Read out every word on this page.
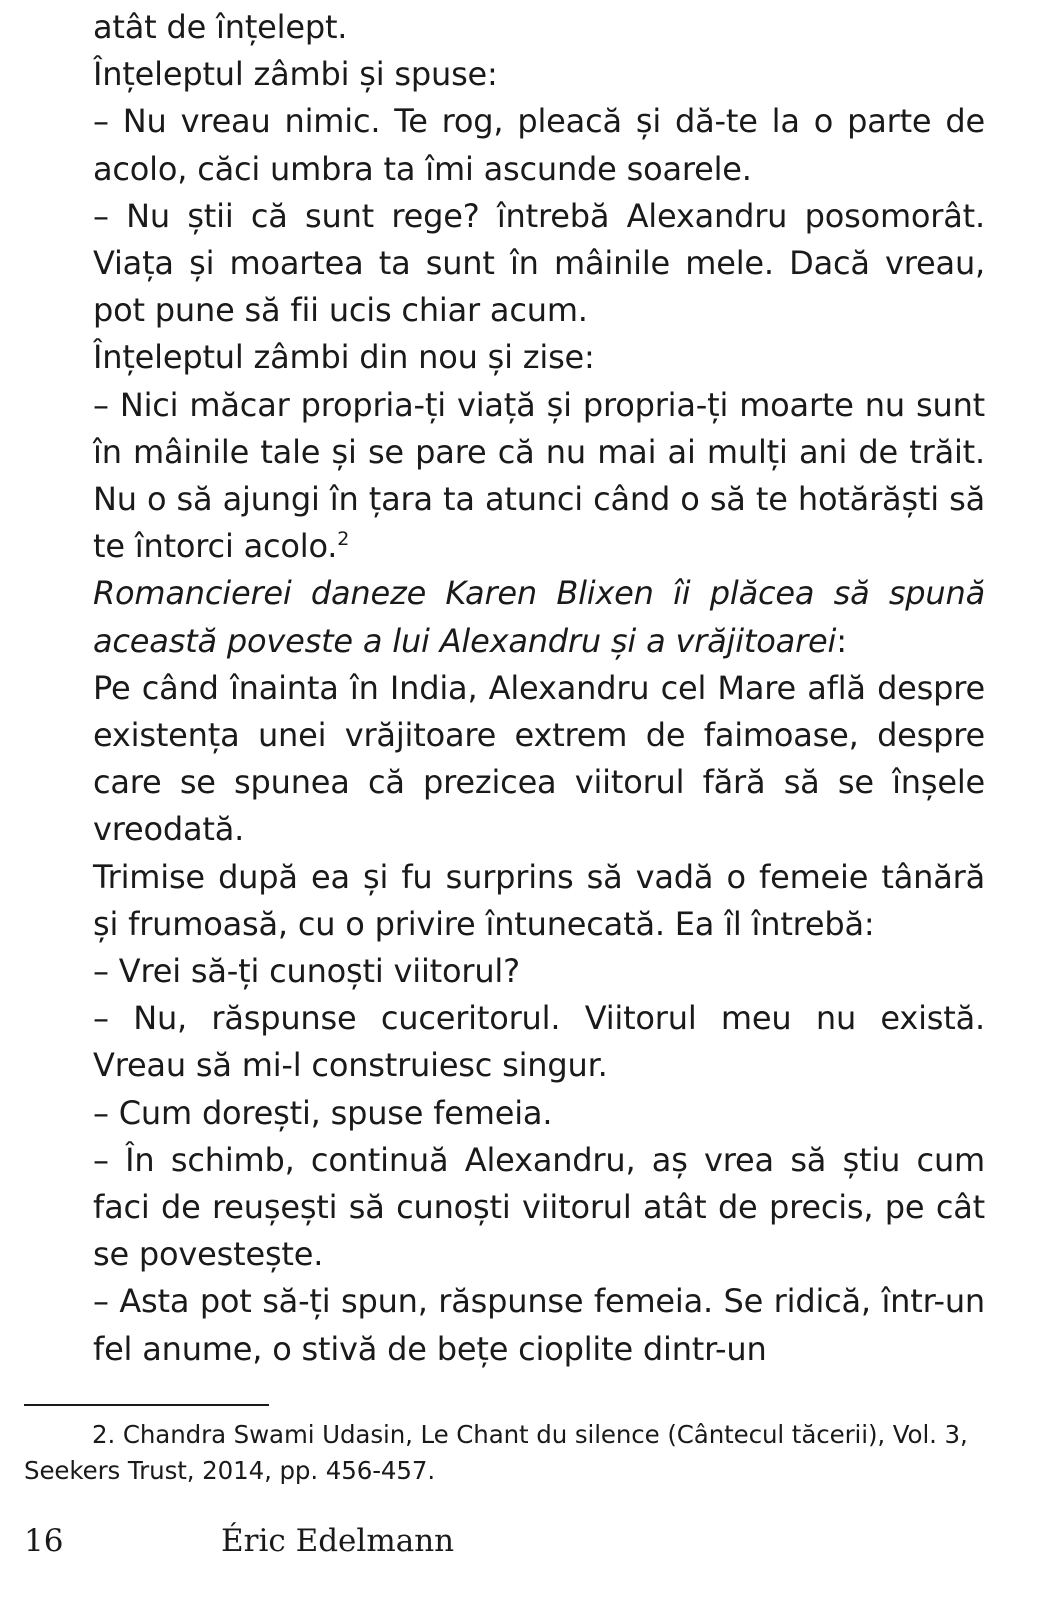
atât de înțelept.

Înțeleptul zâmbi și spuse:

– Nu vreau nimic. Te rog, pleacă și dă-te la o parte de acolo, căci umbra ta îmi ascunde soarele.

– Nu știi că sunt rege? întrebă Alexandru posomorât. Viața și moartea ta sunt în mâinile mele. Dacă vreau, pot pune să fii ucis chiar acum.

Înțeleptul zâmbi din nou și zise:

– Nici măcar propria-ți viață și propria-ți moarte nu sunt în mâinile tale și se pare că nu mai ai mulți ani de trăit. Nu o să ajungi în țara ta atunci când o să te hotărăști să te întorci acolo.$^2$

Romancierei daneze Karen Blixen îi plăcea să spună această poveste a lui Alexandru și a vrăjitoarei:

Pe când înainta în India, Alexandru cel Mare află despre existența unei vrăjitoare extrem de faimoase, despre care se spunea că prezicea viitorul fără să se înșele vreodată.

Trimise după ea și fu surprins să vadă o femeie tânără și frumoasă, cu o privire întunecată. Ea îl întrebă:

– Vrei să-ți cunoști viitorul?

– Nu, răspunse cuceritorul. Viitorul meu nu există. Vreau să mi-l construiesc singur.

– Cum dorești, spuse femeia.

– În schimb, continuă Alexandru, aș vrea să știu cum faci de reușești să cunoști viitorul atât de precis, pe cât se povestește.

– Asta pot să-ți spun, răspunse femeia. Se ridică, într-un fel anume, o stivă de bețe cioplite dintr-un

2. Chandra Swami Udasin, Le Chant du silence (Cântecul tăcerii), Vol. 3, Seekers Trust, 2014, pp. 456-457.

16	Éric Edelmann
